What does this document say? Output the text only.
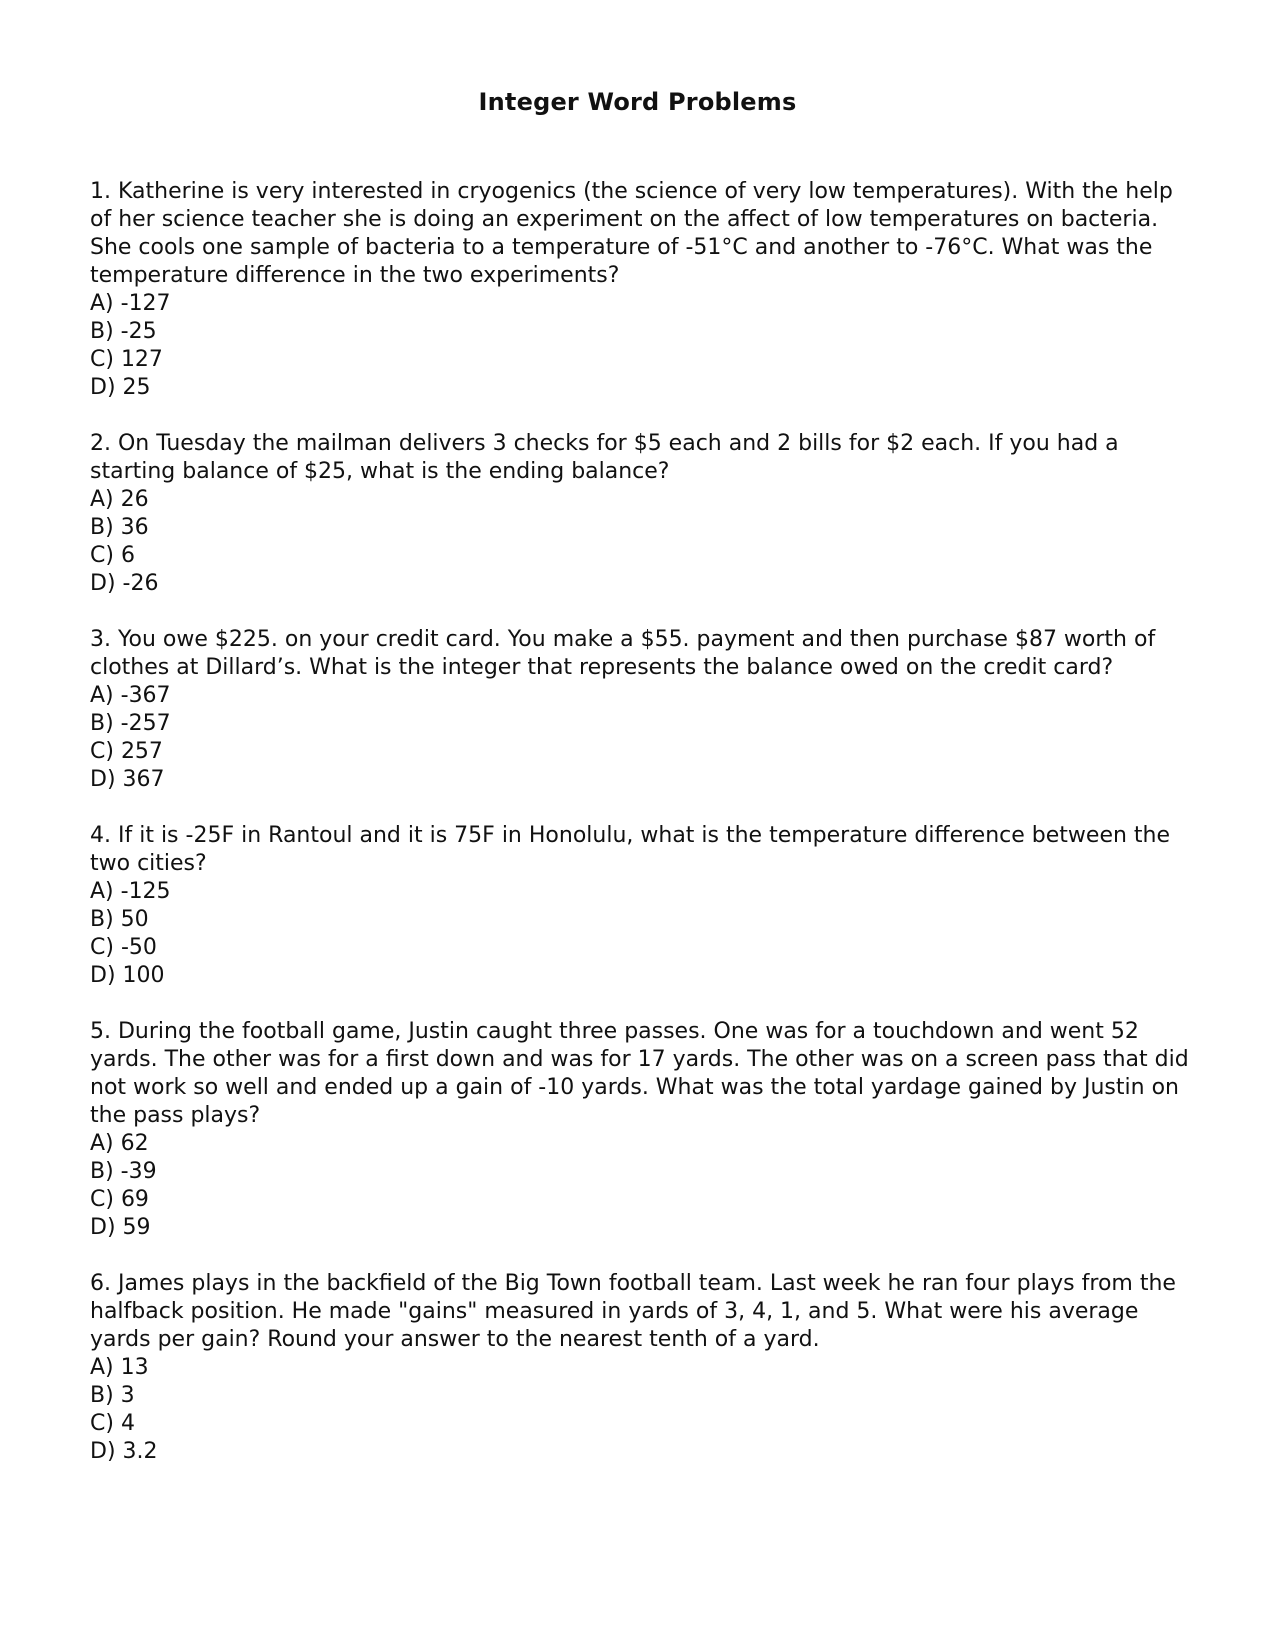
Integer Word Problems

1. Katherine is very interested in cryogenics (the science of very low temperatures). With the help of her science teacher she is doing an experiment on the affect of low temperatures on bacteria. She cools one sample of bacteria to a temperature of -51°C and another to -76°C. What was the temperature difference in the two experiments?

A) -127
B) -25
C) 127
D) 25

2. On Tuesday the mailman delivers 3 checks for $5 each and 2 bills for $2 each. If you had a starting balance of $25, what is the ending balance?

A) 26
B) 36
C) 6
D) -26

3. You owe $225. on your credit card. You make a $55. payment and then purchase $87 worth of clothes at Dillard’s. What is the integer that represents the balance owed on the credit card?

A) -367
B) -257
C) 257
D) 367

4. If it is -25F in Rantoul and it is 75F in Honolulu, what is the temperature difference between the two cities?

A) -125
B) 50
C) -50
D) 100

5. During the football game, Justin caught three passes. One was for a touchdown and went 52 yards. The other was for a first down and was for 17 yards. The other was on a screen pass that did not work so well and ended up a gain of -10 yards. What was the total yardage gained by Justin on the pass plays?

A) 62
B) -39
C) 69
D) 59

6. James plays in the backfield of the Big Town football team. Last week he ran four plays from the halfback position. He made "gains" measured in yards of 3, 4, 1, and 5. What were his average yards per gain? Round your answer to the nearest tenth of a yard.

A) 13
B) 3
C) 4
D) 3.2
